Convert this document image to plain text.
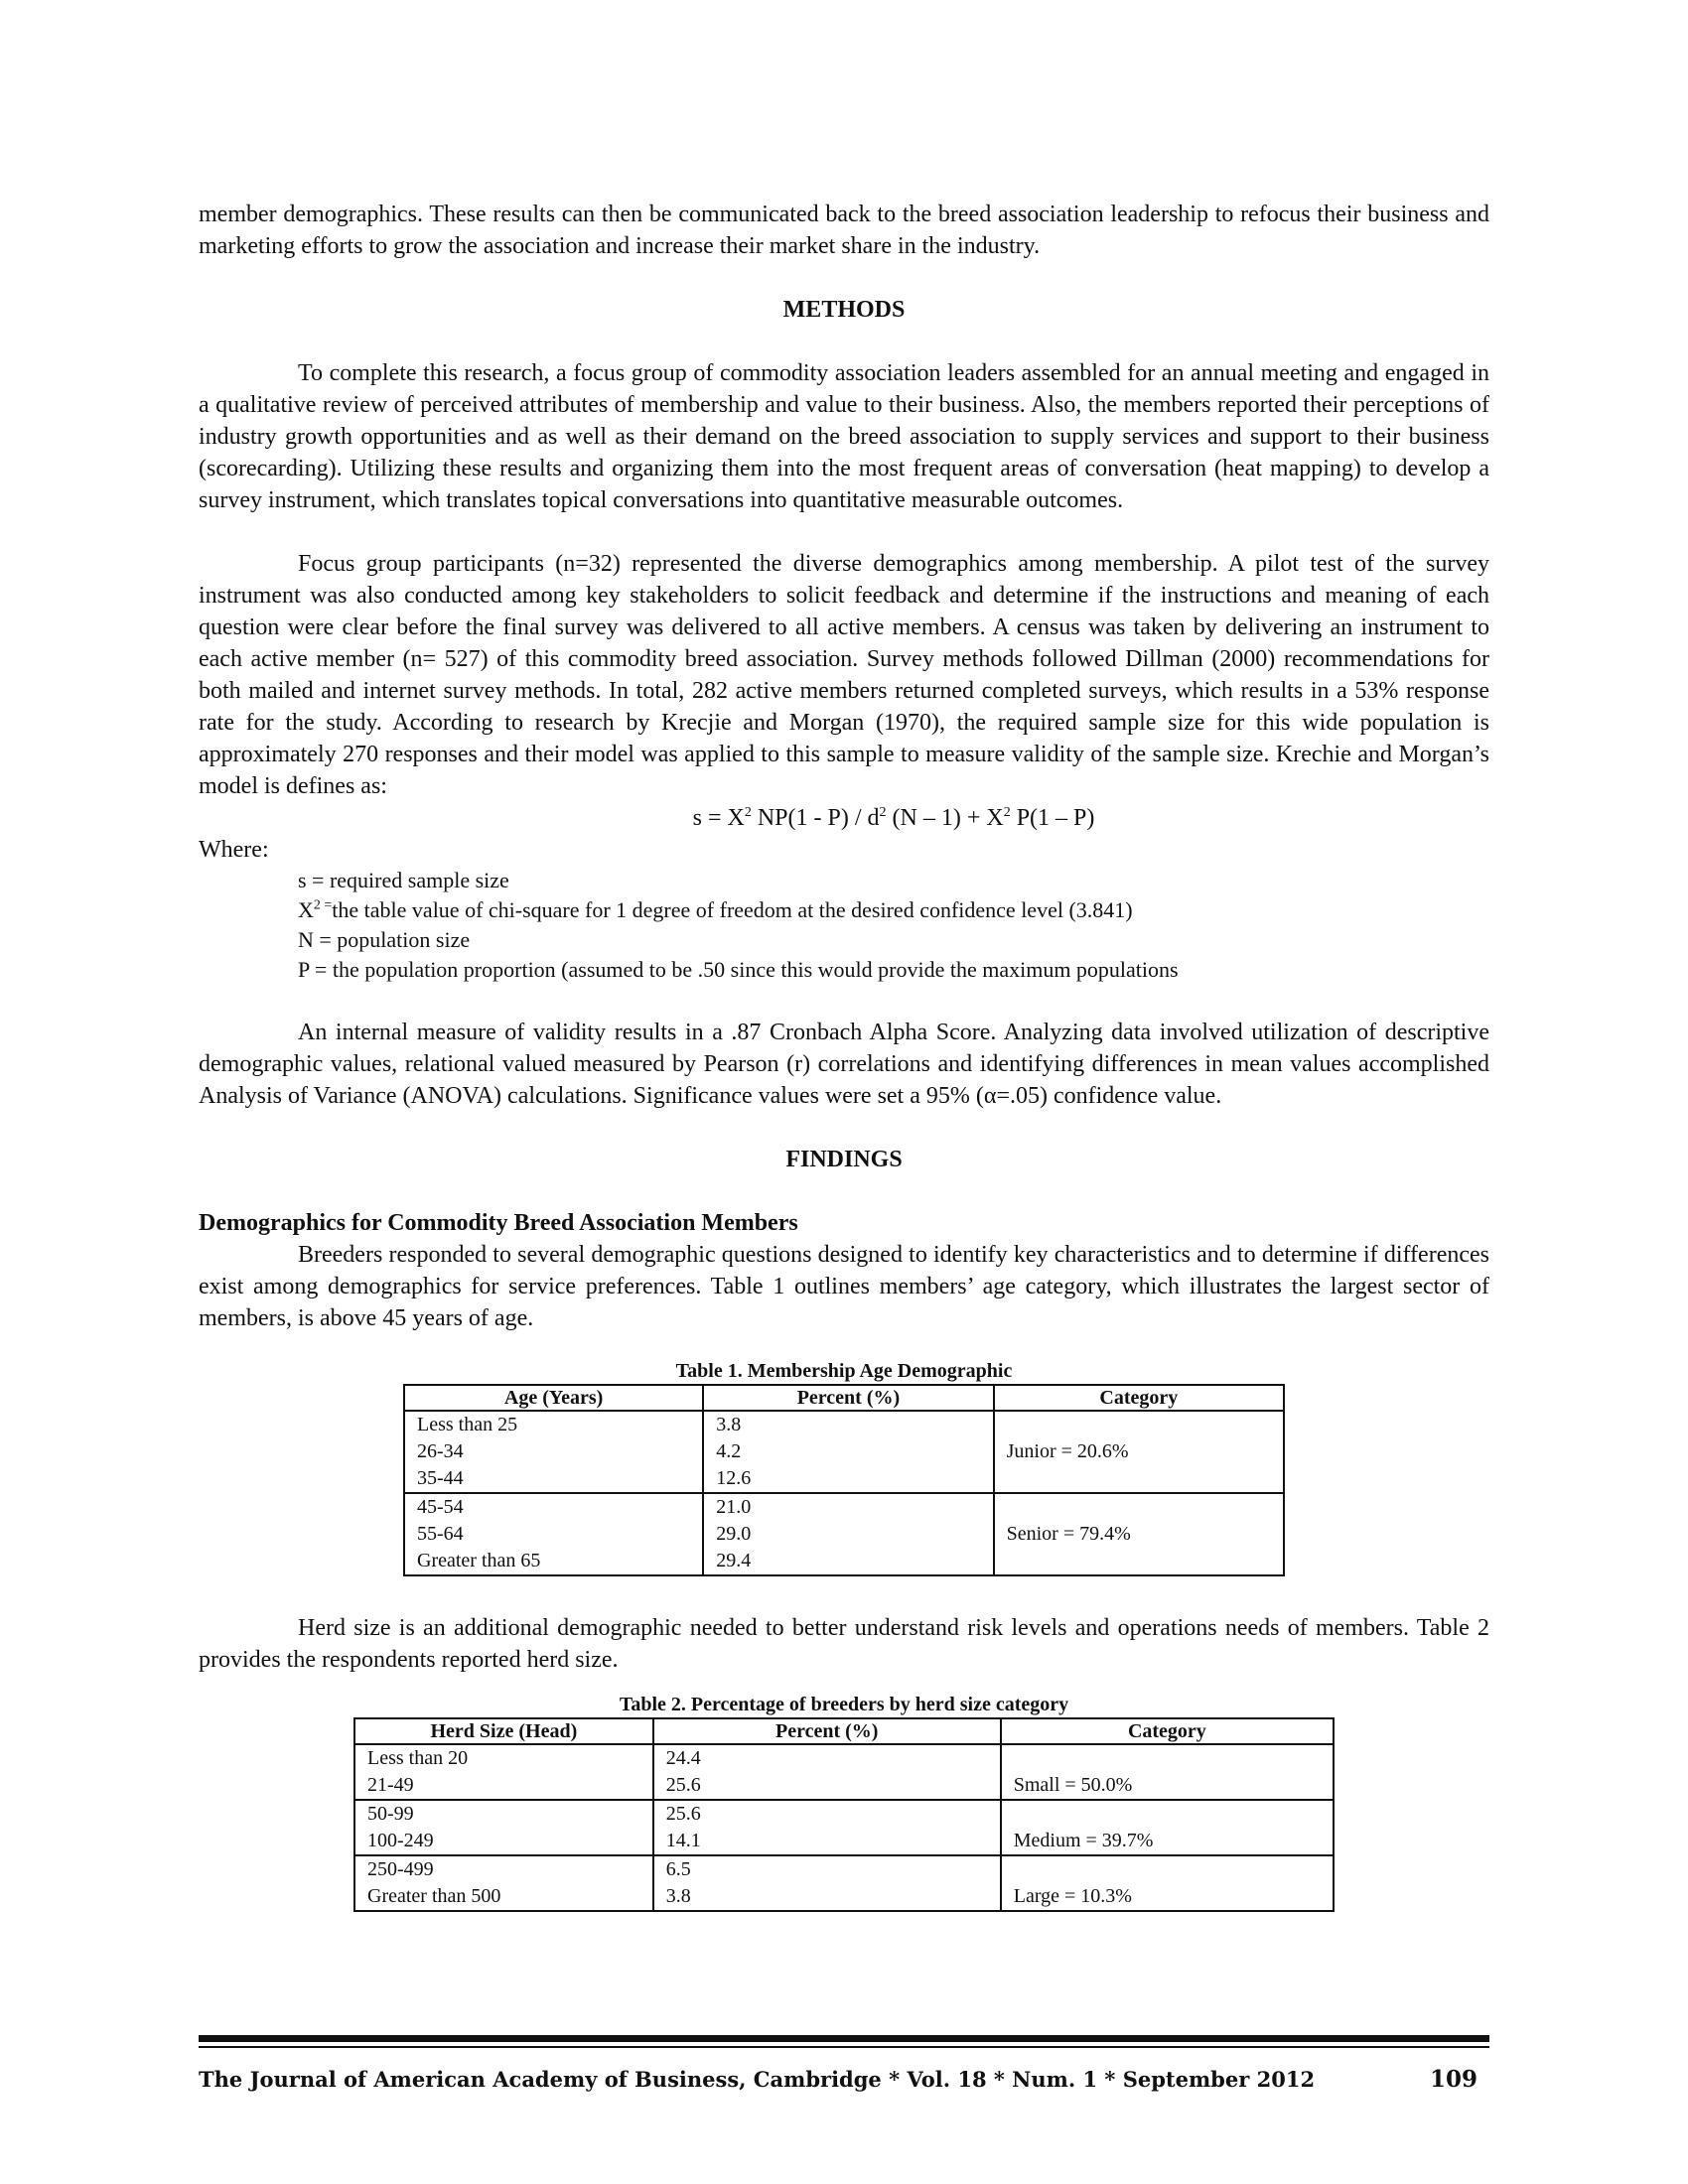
member demographics. These results can then be communicated back to the breed association leadership to refocus their business and marketing efforts to grow the association and increase their market share in the industry.

METHODS

To complete this research, a focus group of commodity association leaders assembled for an annual meeting and engaged in a qualitative review of perceived attributes of membership and value to their business. Also, the members reported their perceptions of industry growth opportunities and as well as their demand on the breed association to supply services and support to their business (scorecarding). Utilizing these results and organizing them into the most frequent areas of conversation (heat mapping) to develop a survey instrument, which translates topical conversations into quantitative measurable outcomes.

Focus group participants (n=32) represented the diverse demographics among membership. A pilot test of the survey instrument was also conducted among key stakeholders to solicit feedback and determine if the instructions and meaning of each question were clear before the final survey was delivered to all active members. A census was taken by delivering an instrument to each active member (n= 527) of this commodity breed association. Survey methods followed Dillman (2000) recommendations for both mailed and internet survey methods. In total, 282 active members returned completed surveys, which results in a 53% response rate for the study. According to research by Krecjie and Morgan (1970), the required sample size for this wide population is approximately 270 responses and their model was applied to this sample to measure validity of the sample size. Krechie and Morgan’s model is defines as:

$s = X^2$ $NP(1 - P) / d^2$ $(N - 1) + X^2$ P(1 – P)
Where:
s = required sample size
$X^{2 =}the$ table value of chi-square for 1 degree of freedom at the desired confidence level (3.841)
N = population size
P = the population proportion (assumed to be .50 since this would provide the maximum populations

An internal measure of validity results in a .87 Cronbach Alpha Score. Analyzing data involved utilization of descriptive demographic values, relational valued measured by Pearson (r) correlations and identifying differences in mean values accomplished Analysis of Variance (ANOVA) calculations. Significance values were set a 95% (α=.05) confidence value.

FINDINGS
Demographics for Commodity Breed Association Members

Breeders responded to several demographic questions designed to identify key characteristics and to determine if differences exist among demographics for service preferences. Table 1 outlines members’ age category, which illustrates the largest sector of members, is above 45 years of age.

Table 1. Membership Age Demographic
Age (Years)	Percent (%)	Category
Less than 25	3.8	Junior = 20.6%
26-34	4.2	
35-44	12.6	
45-54	21.0	Senior = 79.4%
55-64	29.0	
Greater than 65	29.4	

Herd size is an additional demographic needed to better understand risk levels and operations needs of members. Table 2 provides the respondents reported herd size.

Table 2. Percentage of breeders by herd size category
Herd Size (Head)	Percent (%)	Category
Less than 20	24.4	Small = 50.0%
21-49	25.6	
50-99	25.6	Medium = 39.7%
100-249	14.1	
250-499	6.5	Large = 10.3%
Greater than 500	3.8	
The Journal of American Academy of Business, Cambridge * Vol. 18 * Num. 1 * September 2012	109
